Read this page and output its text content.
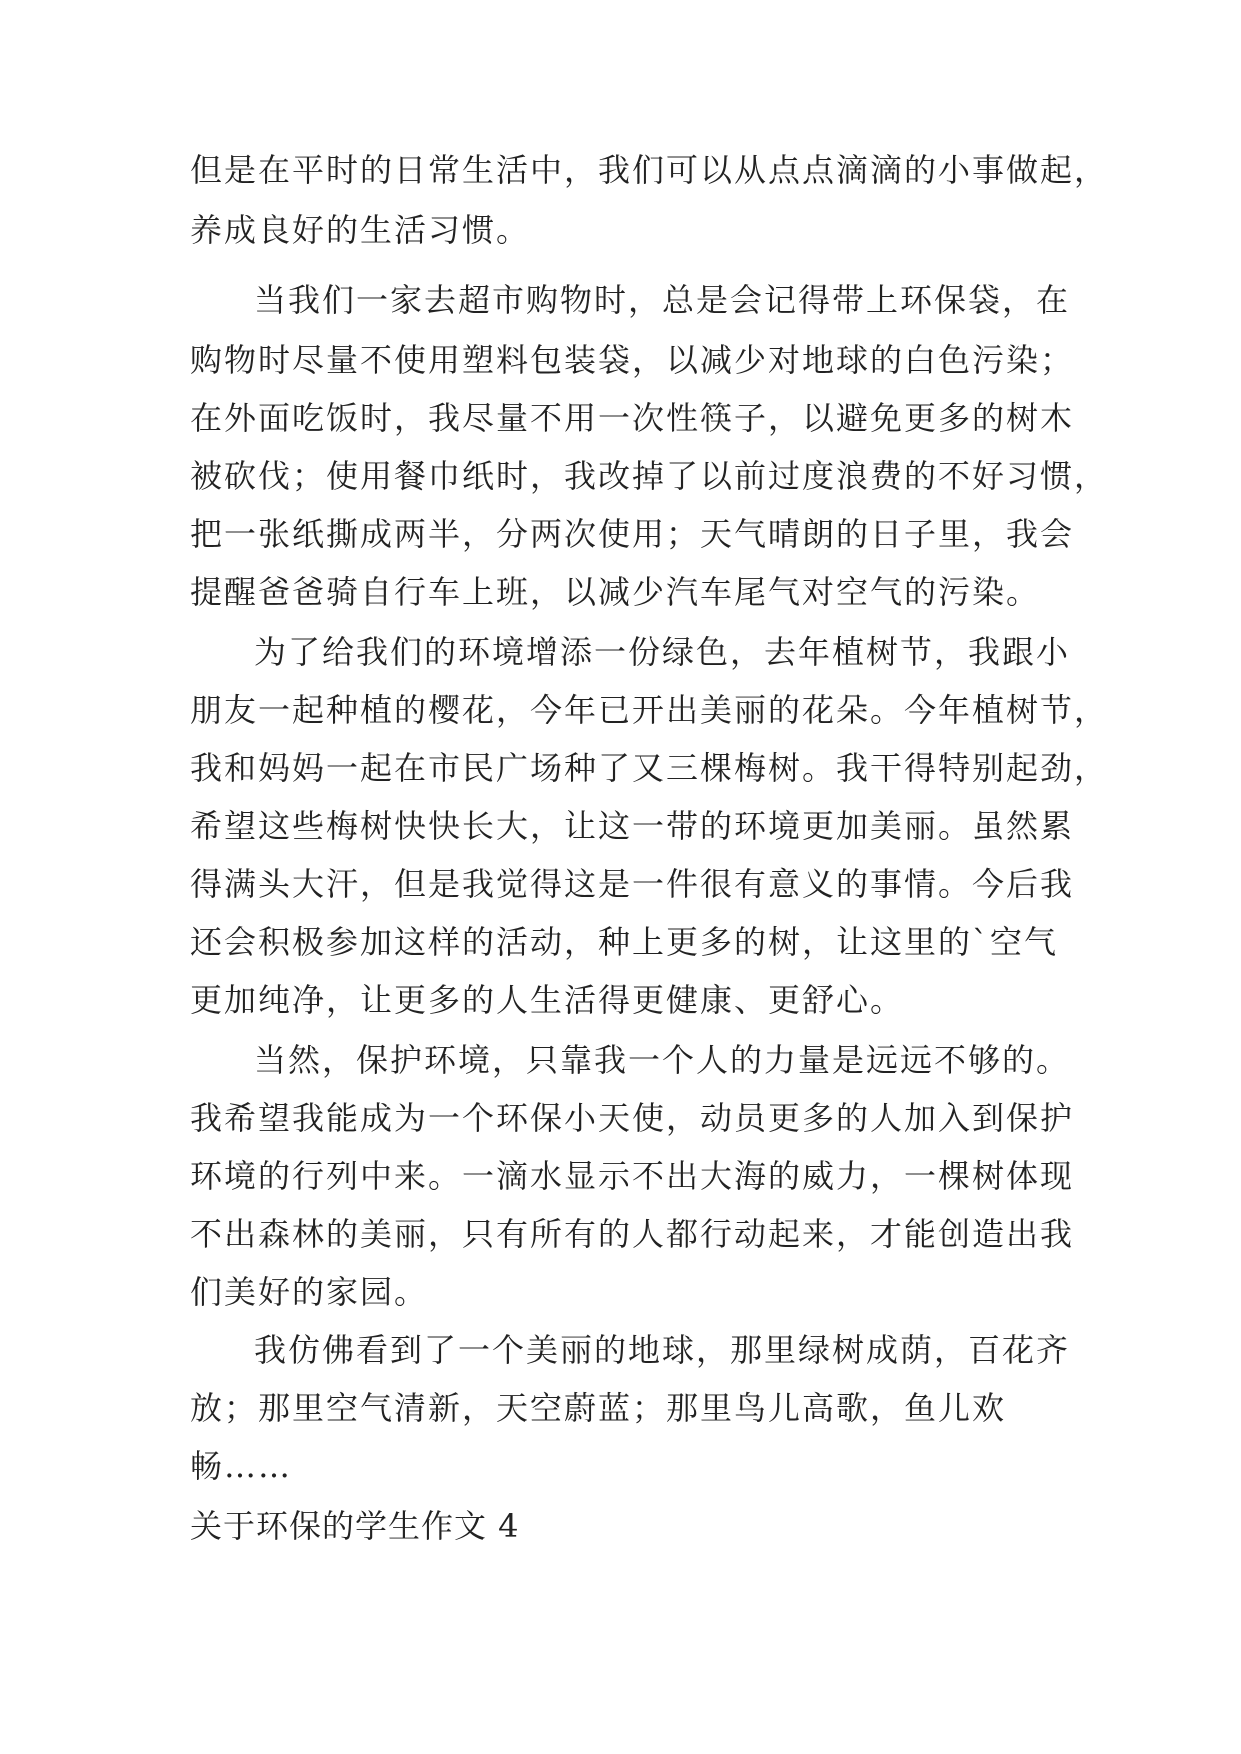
但是在平时的日常生活中，我们可以从点点滴滴的小事做起，
养成良好的生活习惯。
当我们一家去超市购物时，总是会记得带上环保袋，在
购物时尽量不使用塑料包装袋，以减少对地球的白色污染；
在外面吃饭时，我尽量不用一次性筷子，以避免更多的树木
被砍伐；使用餐巾纸时，我改掉了以前过度浪费的不好习惯，
把一张纸撕成两半，分两次使用；天气晴朗的日子里，我会
提醒爸爸骑自行车上班，以减少汽车尾气对空气的污染。
为了给我们的环境增添一份绿色，去年植树节，我跟小
朋友一起种植的樱花，今年已开出美丽的花朵。今年植树节，
我和妈妈一起在市民广场种了又三棵梅树。我干得特别起劲，
希望这些梅树快快长大，让这一带的环境更加美丽。虽然累
得满头大汗，但是我觉得这是一件很有意义的事情。今后我
还会积极参加这样的活动，种上更多的树，让这里的`空气
更加纯净，让更多的人生活得更健康、更舒心。
当然，保护环境，只靠我一个人的力量是远远不够的。
我希望我能成为一个环保小天使，动员更多的人加入到保护
环境的行列中来。一滴水显示不出大海的威力，一棵树体现
不出森林的美丽，只有所有的人都行动起来，才能创造出我
们美好的家园。
我仿佛看到了一个美丽的地球，那里绿树成荫，百花齐
放；那里空气清新，天空蔚蓝；那里鸟儿高歌，鱼儿欢
畅……
关于环保的学生作文 4
